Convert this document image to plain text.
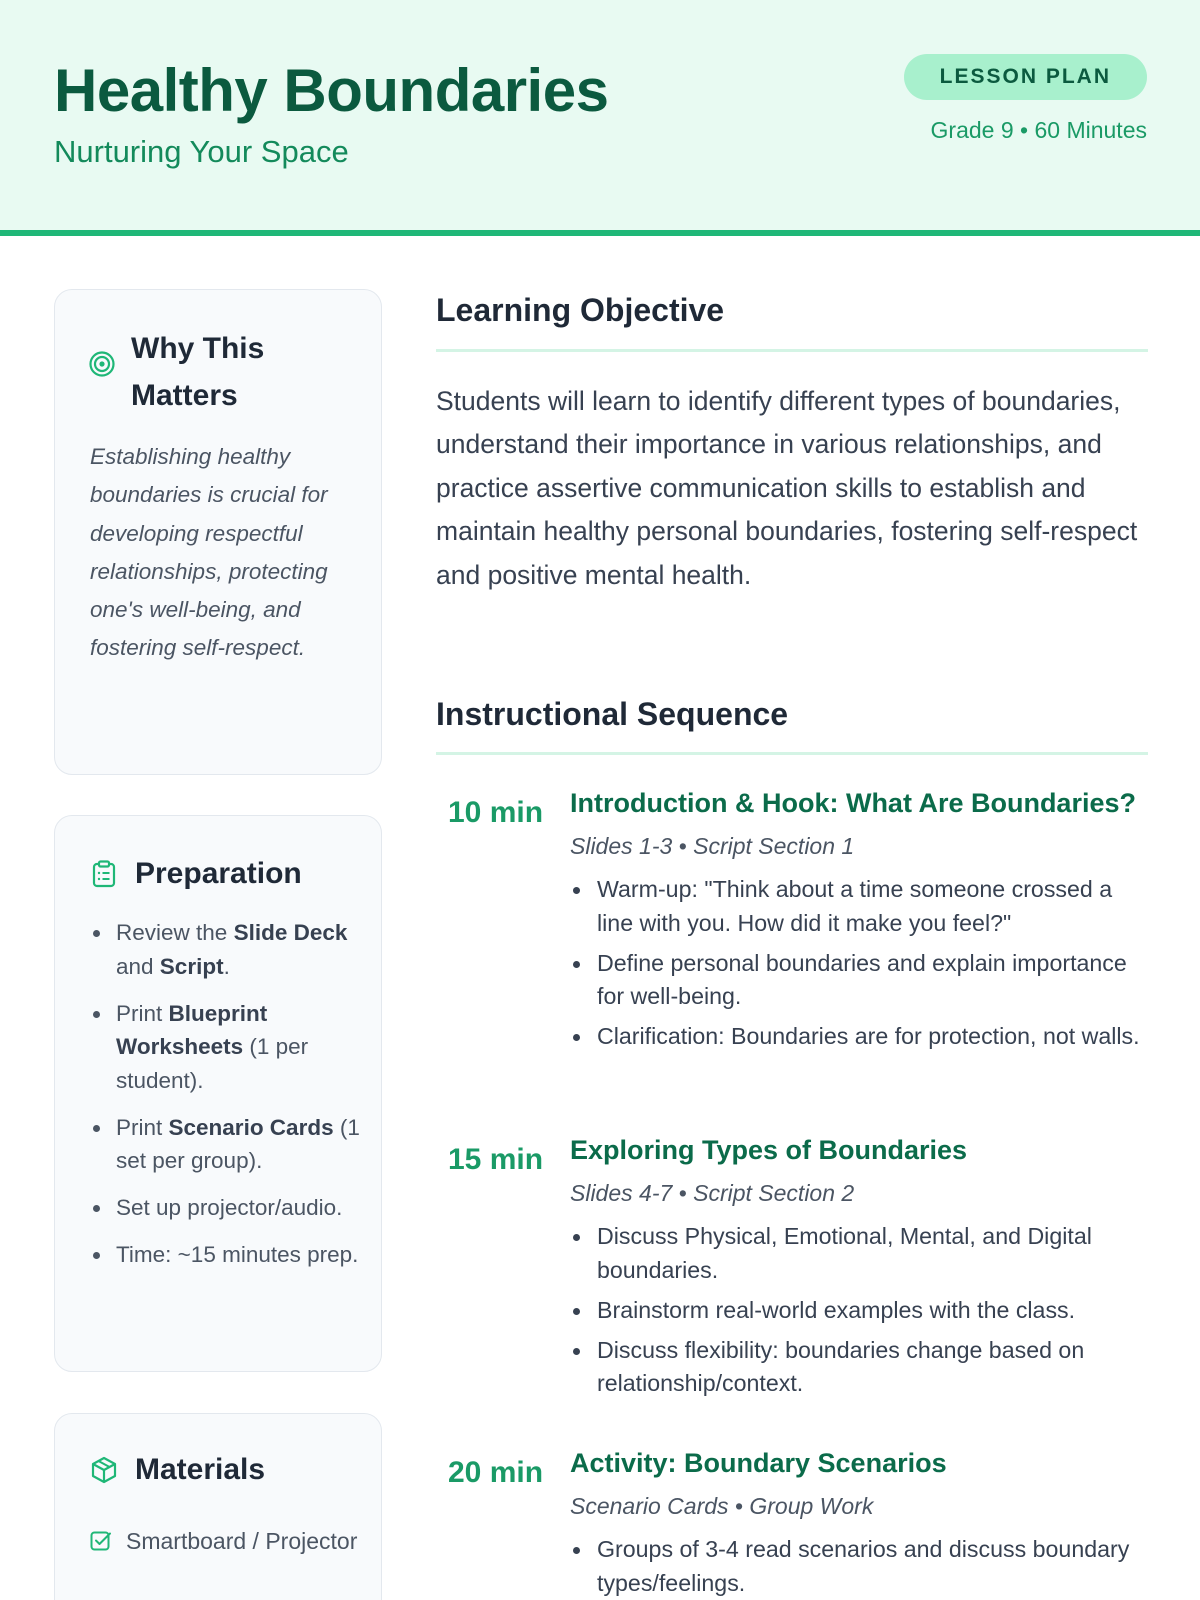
Healthy Boundaries
Nurturing Your Space
LESSON PLAN
Grade 9 • 60 Minutes
Why This Matters

Establishing healthy boundaries is crucial for developing respectful relationships, protecting one's well-being, and fostering self-respect.

Preparation
Review the Slide Deck and Script.
Print Blueprint Worksheets (1 per student).
Print Scenario Cards (1 set per group).
Set up projector/audio.
Time: ~15 minutes prep.
Materials
Smartboard / Projector
Learning Objective

Students will learn to identify different types of boundaries, understand their importance in various relationships, and practice assertive communication skills to establish and maintain healthy personal boundaries, fostering self-respect and positive mental health.

Instructional Sequence
10 min Introduction & Hook: What Are Boundaries?
Slides 1-3 • Script Section 1
Warm-up: "Think about a time someone crossed a line with you. How did it make you feel?"
Define personal boundaries and explain importance for well-being.
Clarification: Boundaries are for protection, not walls.
15 min Exploring Types of Boundaries
Slides 4-7 • Script Section 2
Discuss Physical, Emotional, Mental, and Digital boundaries.
Brainstorm real-world examples with the class.
Discuss flexibility: boundaries change based on relationship/context.
20 min Activity: Boundary Scenarios
Scenario Cards • Group Work
Groups of 3-4 read scenarios and discuss boundary types/feelings.
